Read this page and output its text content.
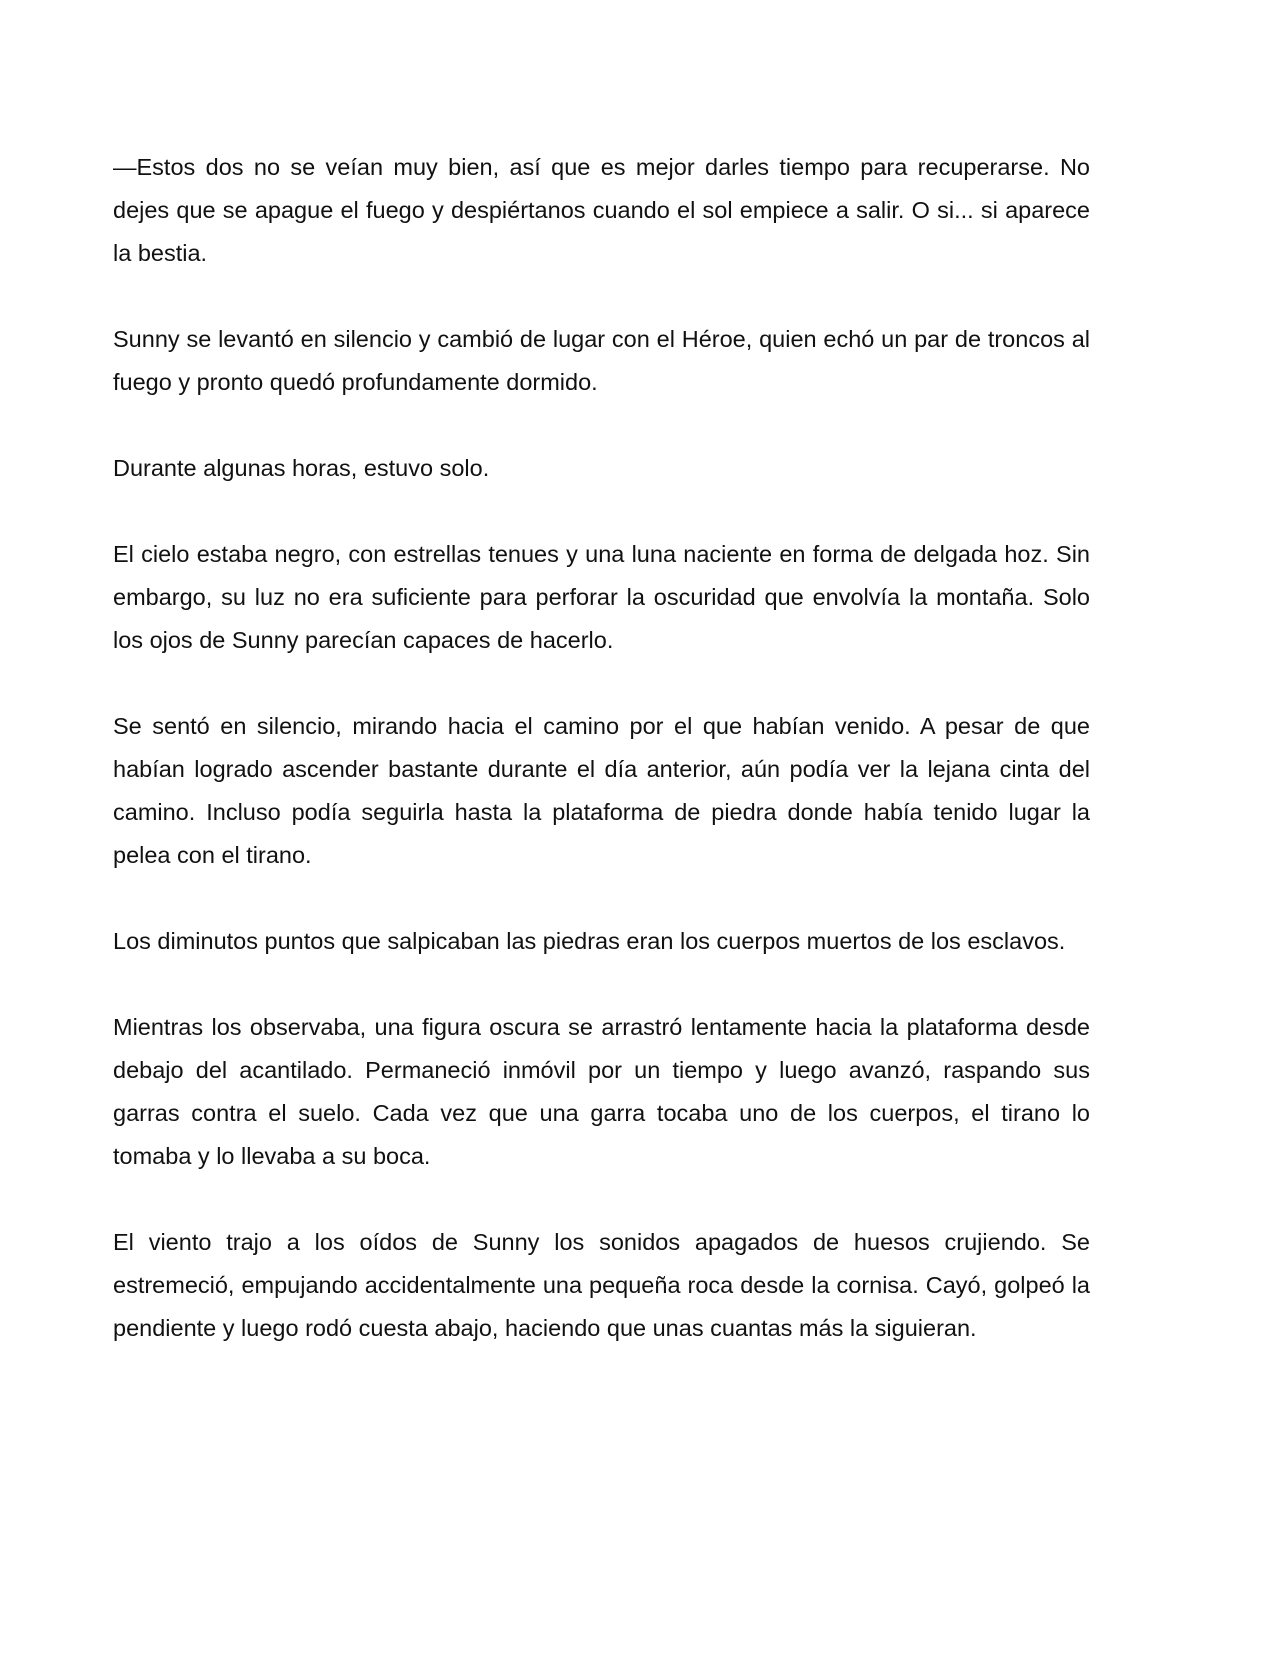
—Estos dos no se veían muy bien, así que es mejor darles tiempo para recuperarse. No dejes que se apague el fuego y despiértanos cuando el sol empiece a salir. O si... si aparece la bestia.

Sunny se levantó en silencio y cambió de lugar con el Héroe, quien echó un par de troncos al fuego y pronto quedó profundamente dormido.

Durante algunas horas, estuvo solo.

El cielo estaba negro, con estrellas tenues y una luna naciente en forma de delgada hoz. Sin embargo, su luz no era suficiente para perforar la oscuridad que envolvía la montaña. Solo los ojos de Sunny parecían capaces de hacerlo.

Se sentó en silencio, mirando hacia el camino por el que habían venido. A pesar de que habían logrado ascender bastante durante el día anterior, aún podía ver la lejana cinta del camino. Incluso podía seguirla hasta la plataforma de piedra donde había tenido lugar la pelea con el tirano.

Los diminutos puntos que salpicaban las piedras eran los cuerpos muertos de los esclavos.

Mientras los observaba, una figura oscura se arrastró lentamente hacia la plataforma desde debajo del acantilado. Permaneció inmóvil por un tiempo y luego avanzó, raspando sus garras contra el suelo. Cada vez que una garra tocaba uno de los cuerpos, el tirano lo tomaba y lo llevaba a su boca.

El viento trajo a los oídos de Sunny los sonidos apagados de huesos crujiendo. Se estremeció, empujando accidentalmente una pequeña roca desde la cornisa. Cayó, golpeó la pendiente y luego rodó cuesta abajo, haciendo que unas cuantas más la siguieran.
